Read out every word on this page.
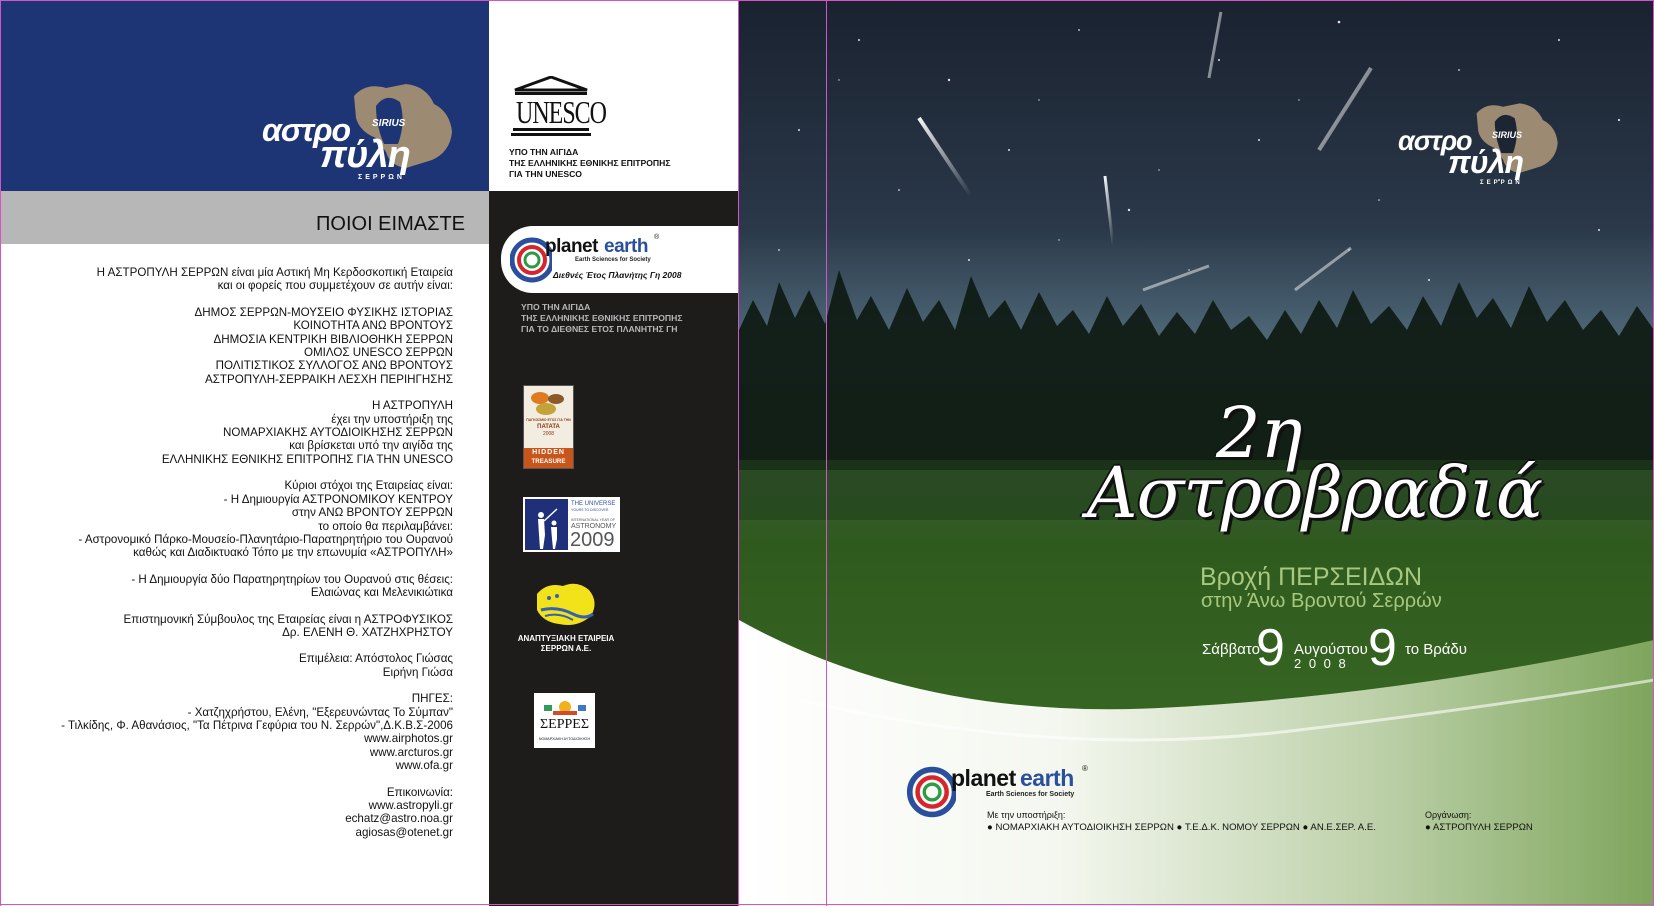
SIRIUS
αστρο
πύλη
ΣΕΡΡΩΝ
ΠΟΙΟΙ ΕΙΜΑΣΤΕ

Η ΑΣΤΡΟΠΥΛΗ ΣΕΡΡΩΝ είναι μία Αστική Μη Κερδοσκοπική Εταιρεία
και οι φορείς που συμμετέχουν σε αυτήν είναι:

ΔΗΜΟΣ ΣΕΡΡΩΝ-ΜΟΥΣΕΙΟ ΦΥΣΙΚΗΣ ΙΣΤΟΡΙΑΣ
ΚΟΙΝΟΤΗΤΑ ΑΝΩ ΒΡΟΝΤΟΥΣ
ΔΗΜΟΣΙΑ ΚΕΝΤΡΙΚΗ ΒΙΒΛΙΟΘΗΚΗ ΣΕΡΡΩΝ
ΟΜΙΛΟΣ UNESCO ΣΕΡΡΩΝ
ΠΟΛΙΤΙΣΤΙΚΟΣ ΣΥΛΛΟΓΟΣ ΑΝΩ ΒΡΟΝΤΟΥΣ
ΑΣΤΡΟΠΥΛΗ-ΣΕΡΡΑΙΚΗ ΛΕΣΧΗ ΠΕΡΙΗΓΗΣΗΣ

Η ΑΣΤΡΟΠΥΛΗ
έχει την υποστήριξη της
ΝΟΜΑΡΧΙΑΚΗΣ ΑΥΤΟΔΙΟΙΚΗΣΗΣ ΣΕΡΡΩΝ
και βρίσκεται υπό την αιγίδα της
ΕΛΛΗΝΙΚΗΣ ΕΘΝΙΚΗΣ ΕΠΙΤΡΟΠΗΣ ΓΙΑ ΤΗΝ UNESCO

Κύριοι στόχοι της Εταιρείας είναι:
- Η Δημιουργία ΑΣΤΡΟΝΟΜΙΚΟΥ ΚΕΝΤΡΟΥ
στην ΑΝΩ ΒΡΟΝΤΟΥ ΣΕΡΡΩΝ
το οποίο θα περιλαμβάνει:
- Αστρονομικό Πάρκο-Μουσείο-Πλανητάριο-Παρατηρητήριο του Ουρανού
καθώς και Διαδικτυακό Τόπο με την επωνυμία «ΑΣΤΡΟΠΥΛΗ»

- Η Δημιουργία δύο Παρατηρητηρίων του Ουρανού στις θέσεις:
Ελαιώνας και Μελενικιώτικα

Επιστημονική Σύμβουλος της Εταιρείας είναι η ΑΣΤΡΟΦΥΣΙΚΟΣ
Δρ. ΕΛΕΝΗ Θ. ΧΑΤΖΗΧΡΗΣΤΟΥ

Επιμέλεια: Απόστολος Γιώσας
Ειρήνη Γιώσα

ΠΗΓΕΣ:
- Χατζηχρήστου, Ελένη, "Εξερευνώντας Το Σύμπαν"
- Τιλκίδης, Φ. Αθανάσιος, "Τα Πέτρινα Γεφύρια του Ν. Σερρών",Δ.Κ.Β.Σ-2006
www.airphotos.gr
www.arcturos.gr
www.ofa.gr

Επικοινωνία:
www.astropyli.gr
echatz@astro.noa.gr
agiosas@otenet.gr

UNESCO
ΥΠΟ ΤΗΝ ΑΙΓΙΔΑ
ΤΗΣ ΕΛΛΗΝΙΚΗΣ ΕΘΝΙΚΗΣ ΕΠΙΤΡΟΠΗΣ
ΓΙΑ ΤΗΝ UNESCO
planet earth ®
Earth Sciences for Society
Διεθνές Έτος Πλανήτης Γη 2008
ΥΠΟ ΤΗΝ ΑΙΓΙΔΑ
ΤΗΣ ΕΛΛΗΝΙΚΗΣ ΕΘΝΙΚΗΣ ΕΠΙΤΡΟΠΗΣ
ΓΙΑ ΤΟ ΔΙΕΘΝΕΣ ΕΤΟΣ ΠΛΑΝΗΤΗΣ ΓΗ
ΠΑΓΚΟΣΜΙΟ ΕΤΟΣ ΓΙΑ ΤΗΝ
ΠΑΤΑΤΑ
2008
HIDDEN
TREASURE
THE UNIVERSE
YOURS TO DISCOVER
INTERNATIONAL YEAR OF
ASTRONOMY
2009
ΑΝΑΠΤΥΞΙΑΚΗ ΕΤΑΙΡΕΙΑ
ΣΕΡΡΩΝ Α.Ε.
ΣΕΡΡΕΣ
ΝΟΜΑΡΧΙΑΚΗ ΑΥΤΟΔΙΟΙΚΗΣΗ
SIRIUS
αστρο
πύλη
ΣΕΡΡΩΝ
2η
Αστροβραδιά
Βροχή ΠΕΡΣΕΙΔΩΝ
στην Άνω Βροντού Σερρών
Σάββατο
9 Αυγούστου
2 0 0 8 9 το Βράδυ
planet earth ®
Earth Sciences for Society
Με την υποστήριξη:
● ΝΟΜΑΡΧΙΑΚΗ ΑΥΤΟΔΙΟΙΚΗΣΗ ΣΕΡΡΩΝ ● Τ.Ε.Δ.Κ. ΝΟΜΟΥ ΣΕΡΡΩΝ ● ΑΝ.Ε.ΣΕΡ. Α.Ε.
Οργάνωση:
● ΑΣΤΡΟΠΥΛΗ ΣΕΡΡΩΝ
